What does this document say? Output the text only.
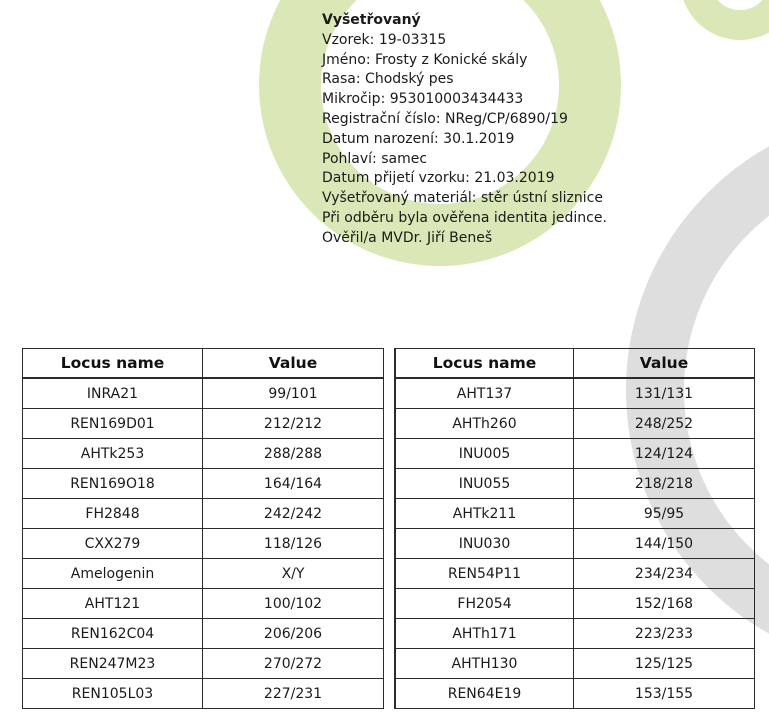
Vyšetřovaný
Vzorek: 19-03315
Jméno: Frosty z Konické skály
Rasa: Chodský pes
Mikročip: 953010003434433
Registrační číslo: NReg/CP/6890/19
Datum narození: 30.1.2019
Pohlaví: samec
Datum přijetí vzorku: 21.03.2019
Vyšetřovaný materiál: stěr ústní sliznice
Při odběru byla ověřena identita jedince.
Ověřil/a MVDr. Jiří Beneš
Locus name	Value
INRA21	99/101
REN169D01	212/212
AHTk253	288/288
REN169O18	164/164
FH2848	242/242
CXX279	118/126
Amelogenin	X/Y
AHT121	100/102
REN162C04	206/206
REN247M23	270/272
REN105L03	227/231
Locus name	Value
AHT137	131/131
AHTh260	248/252
INU005	124/124
INU055	218/218
AHTk211	95/95
INU030	144/150
REN54P11	234/234
FH2054	152/168
AHTh171	223/233
AHTH130	125/125
REN64E19	153/155
